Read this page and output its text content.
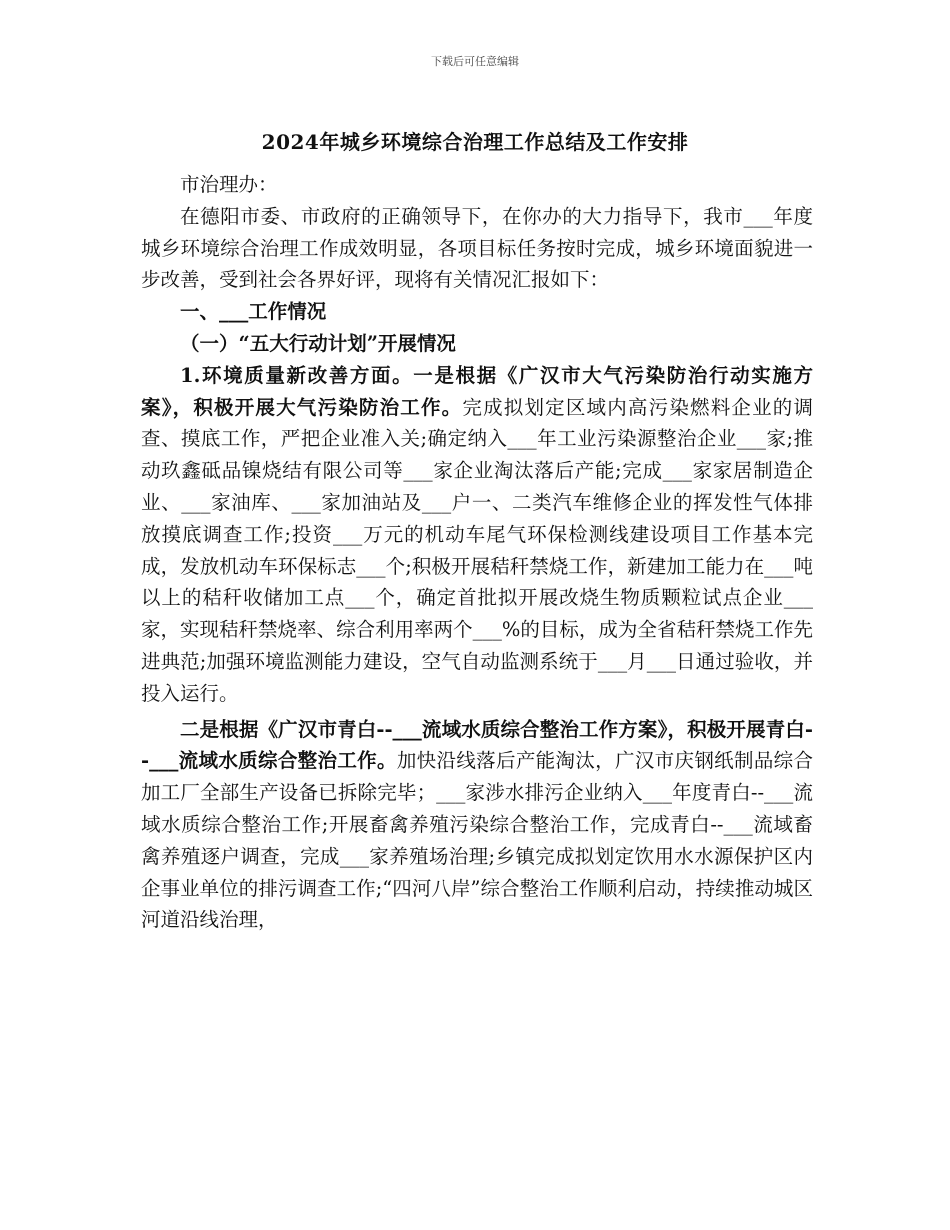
下载后可任意编辑
2024年城乡环境综合治理工作总结及工作安排

市治理办：

在德阳市委、市政府的正确领导下，在你办的大力指导下，我市___年度城乡环境综合治理工作成效明显，各项目标任务按时完成，城乡环境面貌进一步改善，受到社会各界好评，现将有关情况汇报如下：

一、___工作情况

（一）“五大行动计划”开展情况

1.环境质量新改善方面。一是根据《广汉市大气污染防治行动实施方案》，积极开展大气污染防治工作。完成拟划定区域内高污染燃料企业的调查、摸底工作，严把企业准入关;确定纳入___年工业污染源整治企业___家;推动玖鑫砥品镍烧结有限公司等___家企业淘汰落后产能;完成___家家居制造企业、___家油库、___家加油站及___户一、二类汽车维修企业的挥发性气体排放摸底调查工作;投资___万元的机动车尾气环保检测线建设项目工作基本完成，发放机动车环保标志___个;积极开展秸秆禁烧工作，新建加工能力在___吨以上的秸秆收储加工点___个，确定首批拟开展改烧生物质颗粒试点企业___家，实现秸秆禁烧率、综合利用率两个___%的目标，成为全省秸秆禁烧工作先进典范;加强环境监测能力建设，空气自动监测系统于___月___日通过验收，并投入运行。

二是根据《广汉市青白--___流域水质综合整治工作方案》，积极开展青白--___流域水质综合整治工作。加快沿线落后产能淘汰，广汉市庆钢纸制品综合加工厂全部生产设备已拆除完毕；___家涉水排污企业纳入___年度青白--___流域水质综合整治工作;开展畜禽养殖污染综合整治工作，完成青白--___流域畜禽养殖逐户调查，完成___家养殖场治理;乡镇完成拟划定饮用水水源保护区内企事业单位的排污调查工作;“四河八岸”综合整治工作顺利启动，持续推动城区河道沿线治理，
